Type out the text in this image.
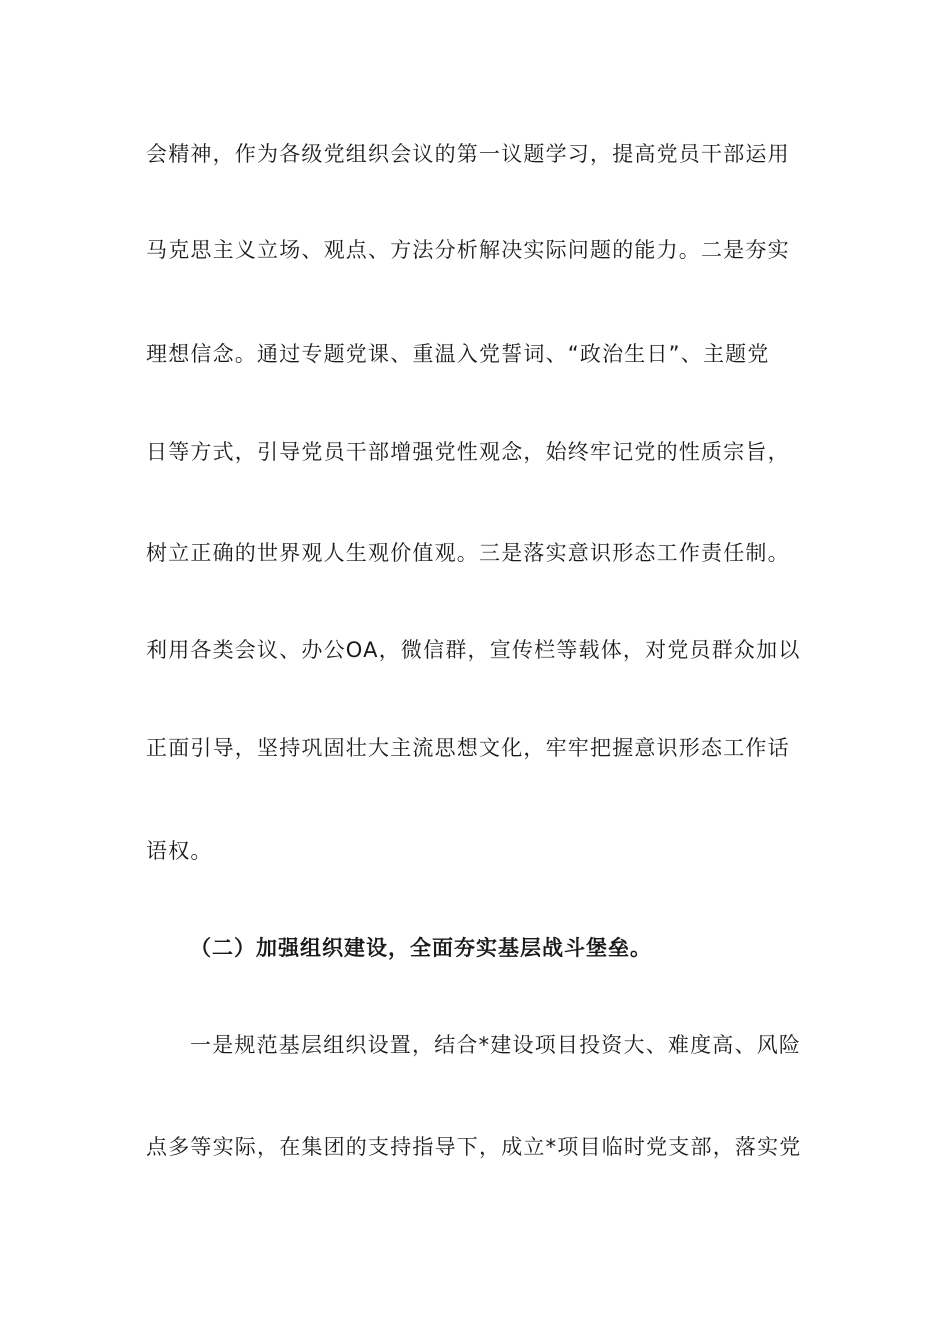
会精神，作为各级党组织会议的第一议题学习，提高党员干部运用
马克思主义立场、观点、方法分析解决实际问题的能力。二是夯实
理想信念。通过专题党课、重温入党誓词、“政治生日”、主题党
日等方式，引导党员干部增强党性观念，始终牢记党的性质宗旨，
树立正确的世界观人生观价值观。三是落实意识形态工作责任制。
利用各类会议、办公OA，微信群，宣传栏等载体，对党员群众加以
正面引导，坚持巩固壮大主流思想文化，牢牢把握意识形态工作话
语权。
（二）加强组织建设，全面夯实基层战斗堡垒。
一是规范基层组织设置，结合*建设项目投资大、难度高、风险
点多等实际，在集团的支持指导下，成立*项目临时党支部，落实党
